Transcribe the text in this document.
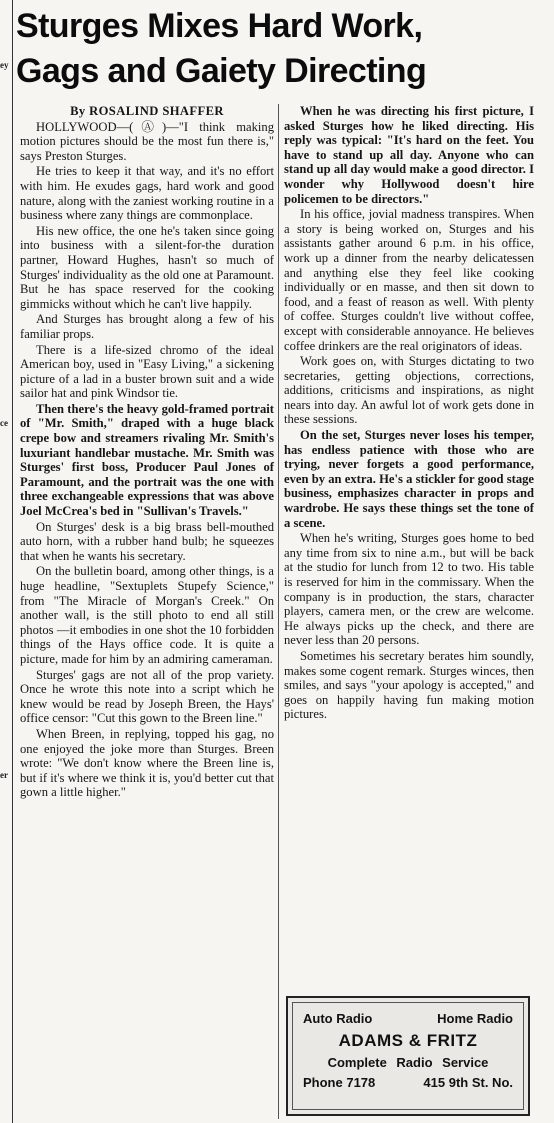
ey
ce
er
Sturges Mixes Hard Work,
Gags and Gaiety Directing
By ROSALIND SHAFFER

HOLLYWOOD—(Ⓐ)—"I think making motion pictures should be the most fun there is," says Preston Sturges.

He tries to keep it that way, and it's no effort with him. He exudes gags, hard work and good nature, along with the zaniest working routine in a business where zany things are commonplace.

His new office, the one he's taken since going into business with a silent-for-the duration partner, Howard Hughes, hasn't so much of Sturges' individuality as the old one at Paramount. But he has space reserved for the cooking gimmicks without which he can't live happily.

And Sturges has brought along a few of his familiar props.

There is a life-sized chromo of the ideal American boy, used in "Easy Living," a sickening picture of a lad in a buster brown suit and a wide sailor hat and pink Windsor tie.

Then there's the heavy gold-framed portrait of "Mr. Smith," draped with a huge black crepe bow and streamers rivaling Mr. Smith's luxuriant handlebar mustache. Mr. Smith was Sturges' first boss, Producer Paul Jones of Paramount, and the portrait was the one with three exchangeable expressions that was above Joel McCrea's bed in "Sullivan's Travels."

On Sturges' desk is a big brass bell-mouthed auto horn, with a rubber hand bulb; he squeezes that when he wants his secretary.

On the bulletin board, among other things, is a huge headline, "Sextuplets Stupefy Science," from "The Miracle of Morgan's Creek." On another wall, is the still photo to end all still photos —it embodies in one shot the 10 forbidden things of the Hays office code. It is quite a picture, made for him by an admiring cameraman.

Sturges' gags are not all of the prop variety. Once he wrote this note into a script which he knew would be read by Joseph Breen, the Hays' office censor: "Cut this gown to the Breen line."

When Breen, in replying, topped his gag, no one enjoyed the joke more than Sturges. Breen wrote: "We don't know where the Breen line is, but if it's where we think it is, you'd better cut that gown a little higher."

When he was directing his first picture, I asked Sturges how he liked directing. His reply was typical: "It's hard on the feet. You have to stand up all day. Anyone who can stand up all day would make a good director. I wonder why Hollywood doesn't hire policemen to be directors."

In his office, jovial madness transpires. When a story is being worked on, Sturges and his assistants gather around 6 p.m. in his office, work up a dinner from the nearby delicatessen and anything else they feel like cooking individually or en masse, and then sit down to food, and a feast of reason as well. With plenty of coffee. Sturges couldn't live without coffee, except with considerable annoyance. He believes coffee drinkers are the real originators of ideas.

Work goes on, with Sturges dictating to two secretaries, getting objections, corrections, additions, criticisms and inspirations, as night nears into day. An awful lot of work gets done in these sessions.

On the set, Sturges never loses his temper, has endless patience with those who are trying, never forgets a good performance, even by an extra. He's a stickler for good stage business, emphasizes character in props and wardrobe. He says these things set the tone of a scene.

When he's writing, Sturges goes home to bed any time from six to nine a.m., but will be back at the studio for lunch from 12 to two. His table is reserved for him in the commissary. When the company is in production, the stars, character players, camera men, or the crew are welcome. He always picks up the check, and there are never less than 20 persons.

Sometimes his secretary berates him soundly, makes some cogent remark. Sturges winces, then smiles, and says "your apology is accepted," and goes on happily having fun making motion pictures.

Auto Radio	Home Radio
ADAMS & FRITZ
Complete Radio Service
Phone 7178	415 9th St. No.
